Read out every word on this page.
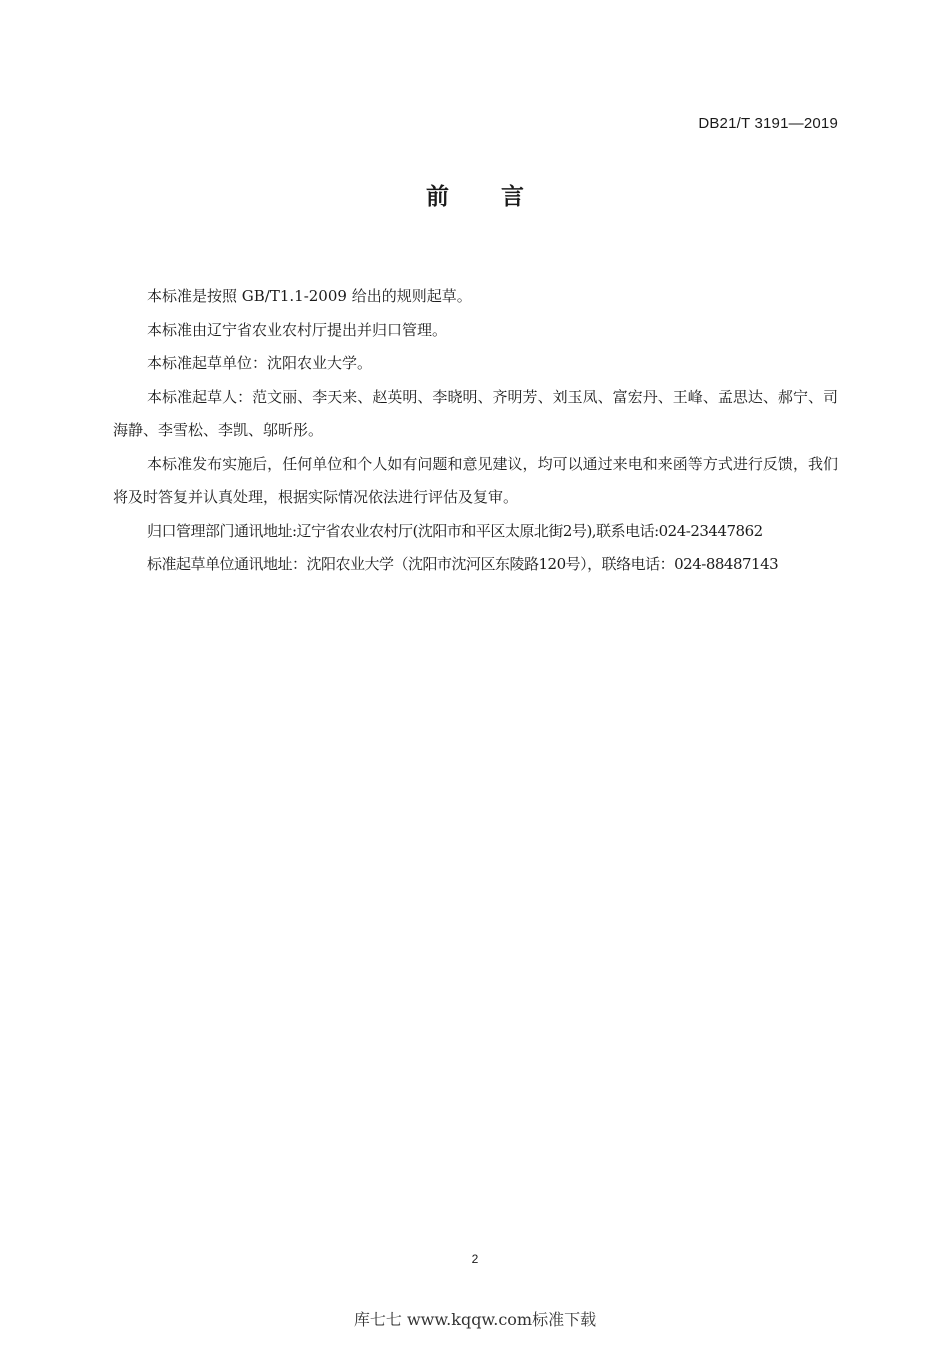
DB21/T 3191—2019
前言

本标准是按照 GB/T1.1-2009 给出的规则起草。

本标准由辽宁省农业农村厅提出并归口管理。

本标准起草单位：沈阳农业大学。

本标准起草人：范文丽、李天来、赵英明、李晓明、齐明芳、刘玉凤、富宏丹、王峰、孟思达、郝宁、司海静、李雪松、李凯、邬昕彤。

本标准发布实施后，任何单位和个人如有问题和意见建议，均可以通过来电和来函等方式进行反馈，我们将及时答复并认真处理，根据实际情况依法进行评估及复审。

归口管理部门通讯地址:辽宁省农业农村厅(沈阳市和平区太原北街2号),联系电话:024-23447862

标准起草单位通讯地址：沈阳农业大学（沈阳市沈河区东陵路120号），联络电话：024-88487143

2
库七七 www.kqqw.com标准下载
